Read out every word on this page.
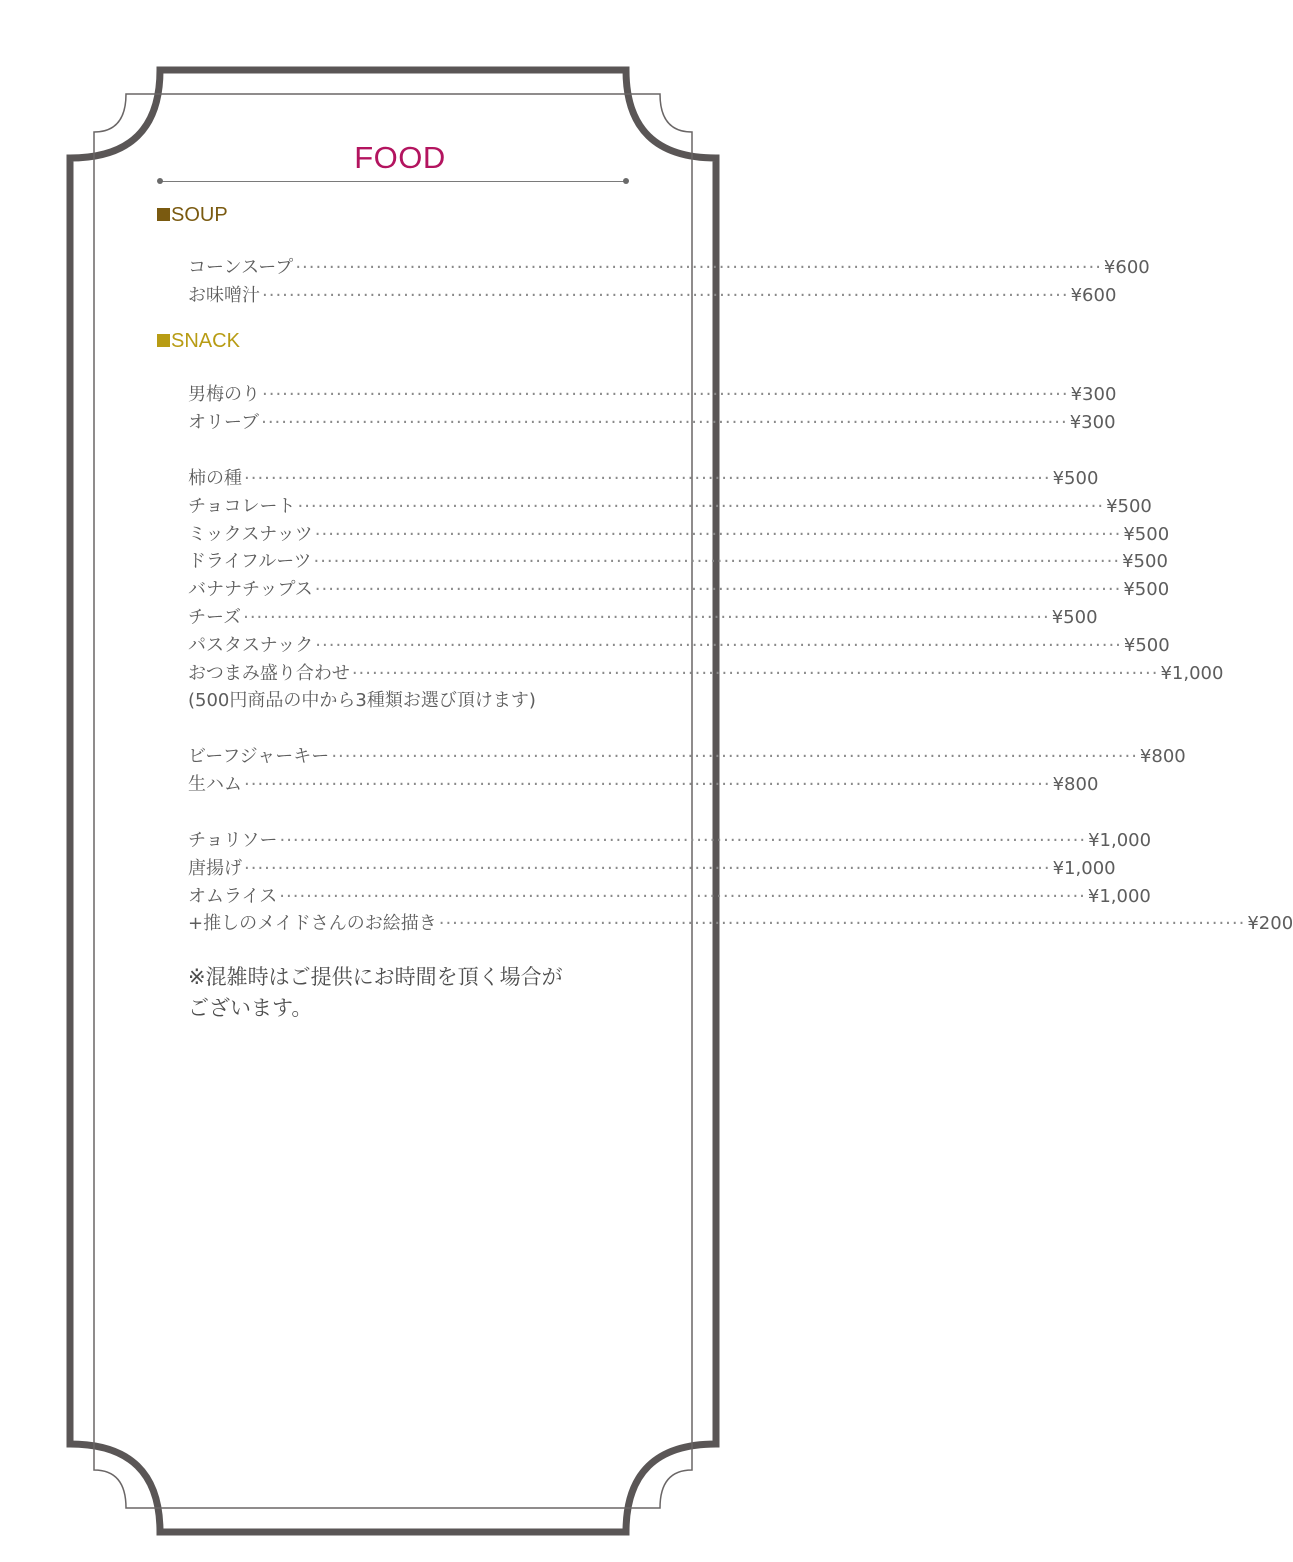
FOOD
SOUP
コーンスープ ························································································································ ¥600
お味噌汁 ························································································································ ¥600
SNACK
男梅のり ························································································································ ¥300
オリーブ ························································································································ ¥300
柿の種 ························································································································ ¥500
チョコレート ························································································································ ¥500
ミックスナッツ ························································································································ ¥500
ドライフルーツ ························································································································ ¥500
バナナチップス ························································································································ ¥500
チーズ ························································································································ ¥500
パスタスナック ························································································································ ¥500
おつまみ盛り合わせ ························································································································ ¥1,000
(500円商品の中から3種類お選び頂けます)
ビーフジャーキー ························································································································ ¥800
生ハム ························································································································ ¥800
チョリソー ························································································································ ¥1,000
唐揚げ ························································································································ ¥1,000
オムライス ························································································································ ¥1,000
+推しのメイドさんのお絵描き ························································································································ ¥200
※混雑時はご提供にお時間を頂く場合が
ございます。
